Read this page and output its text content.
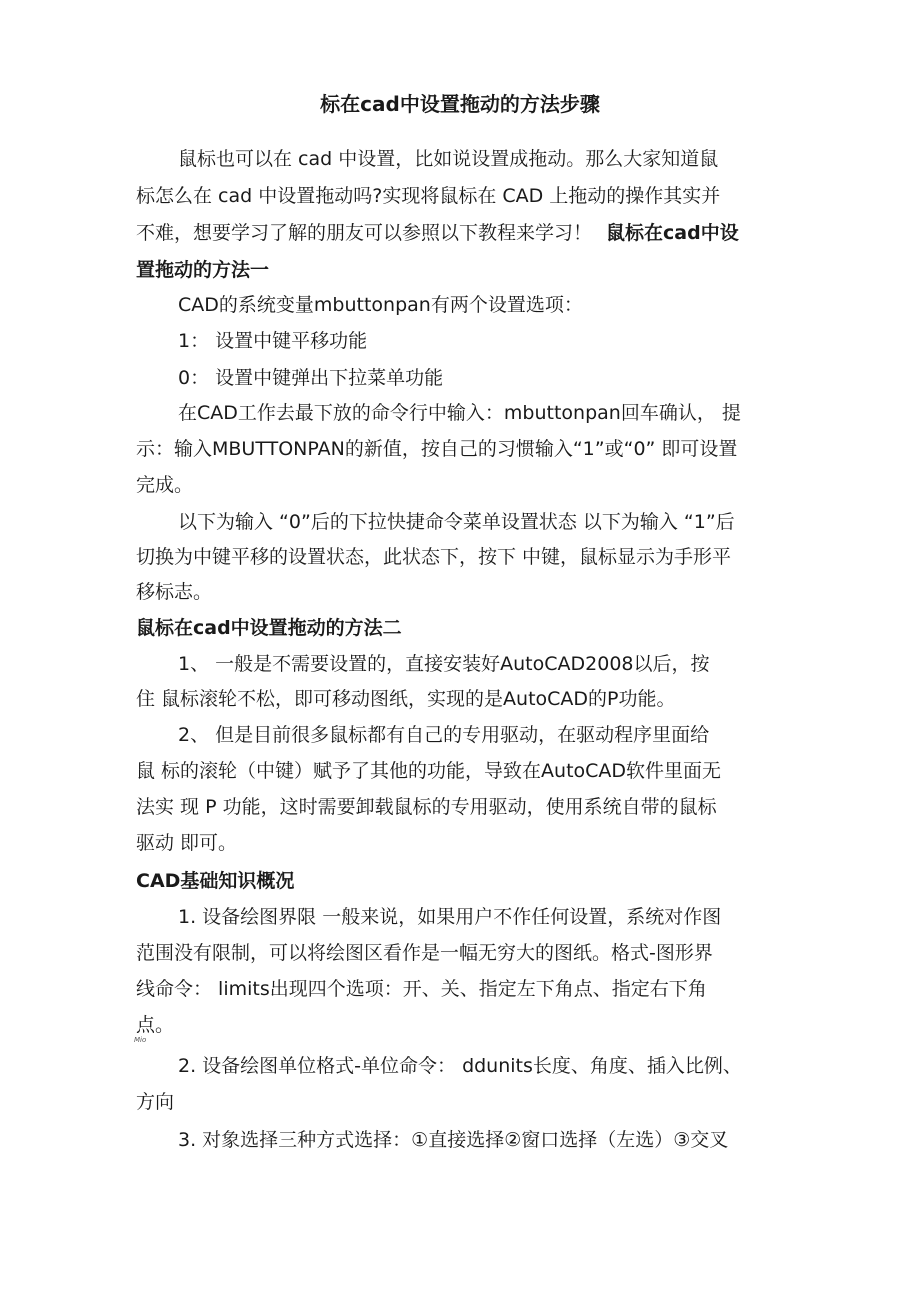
标在cad中设置拖动的方法步骤
鼠标也可以在 cad 中设置，比如说设置成拖动。那么大家知道鼠
标怎么在 cad 中设置拖动吗?实现将鼠标在 CAD 上拖动的操作其实并
不难，想要学习了解的朋友可以参照以下教程来学习！ 鼠标在cad中设
置拖动的方法一
CAD的系统变量mbuttonpan有两个设置选项：
1： 设置中键平移功能
0： 设置中键弹出下拉菜单功能
在CAD工作去最下放的命令行中输入：mbuttonpan回车确认， 提
示：输入MBUTTONPAN的新值，按自己的习惯输入“1”或“0” 即可设置
完成。
以下为输入 “0”后的下拉快捷命令菜单设置状态 以下为输入 “1”后
切换为中键平移的设置状态，此状态下，按下 中键，鼠标显示为手形平
移标志。
鼠标在cad中设置拖动的方法二
1、 一般是不需要设置的，直接安装好AutoCAD2008以后，按
住 鼠标滚轮不松，即可移动图纸，实现的是AutoCAD的P功能。
2、 但是目前很多鼠标都有自己的专用驱动，在驱动程序里面给
鼠 标的滚轮（中键）赋予了其他的功能，导致在AutoCAD软件里面无
法实 现 P 功能，这时需要卸载鼠标的专用驱动，使用系统自带的鼠标
驱动 即可。
CAD基础知识概况
1. 设备绘图界限 一般来说，如果用户不作任何设置，系统对作图
范围没有限制，可以将绘图区看作是一幅无穷大的图纸。格式-图形界
线命令： limits出现四个选项：开、关、指定左下角点、指定右下角
点。
Mio
2. 设备绘图单位格式-单位命令： ddunits长度、角度、插入比例、
方向
3. 对象选择三种方式选择：①直接选择②窗口选择（左选）③交叉
